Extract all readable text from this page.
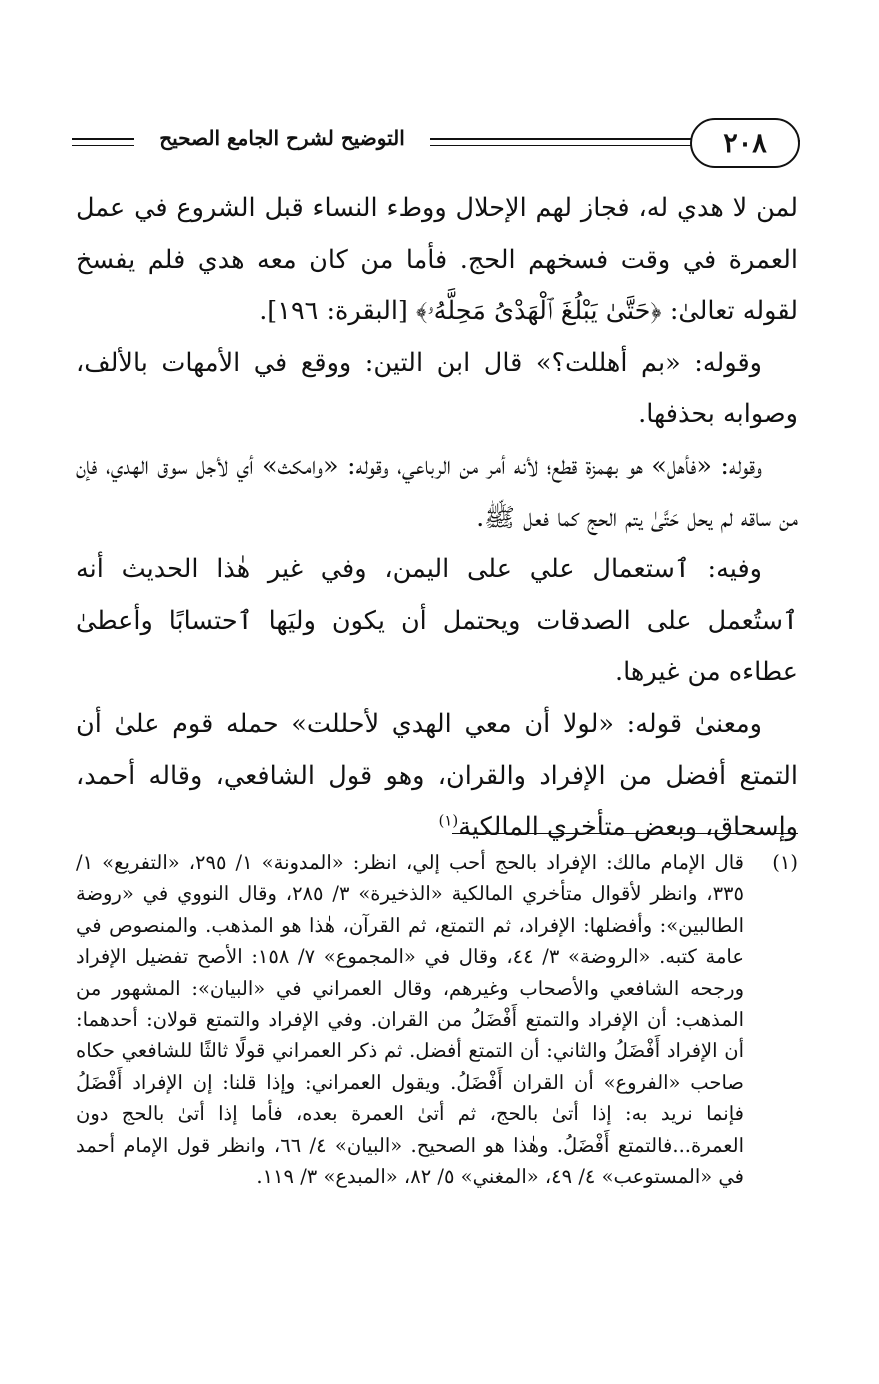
التوضيح لشرح الجامع الصحيح	٢٠٨

لمن لا هدي له، فجاز لهم الإحلال ووطء النساء قبل الشروع في عمل العمرة في وقت فسخهم الحج. فأما من كان معه هدي فلم يفسخ لقوله تعالىٰ: ﴿حَتَّىٰ يَبْلُغَ ٱلْهَدْىُ مَحِلَّهُۥ﴾ [البقرة: ١٩٦].

وقوله: «بم أهللت؟» قال ابن التين: ووقع في الأمهات بالألف، وصوابه بحذفها.

وقوله: «فأهل» هو بهمزة قطع؛ لأنه أمر من الرباعي، وقوله: «وامكث» أي لأجل سوق الهدي، فإن من ساقه لم يحل حَتَّىٰ يتم الحج كما فعل ﷺ.

وفيه: ٱستعمال علي على اليمن، وفي غير هٰذا الحديث أنه ٱستُعمل على الصدقات ويحتمل أن يكون وليَها ٱحتسابًا وأعطىٰ عطاءه من غيرها.

ومعنىٰ قوله: «لولا أن معي الهدي لأحللت» حمله قوم علىٰ أن التمتع أفضل من الإفراد والقران، وهو قول الشافعي، وقاله أحمد، وإسحاق، وبعض متأخري المالكية$^{(١)}$

(١)
قال الإمام مالك: الإفراد بالحج أحب إلي، انظر: «المدونة» ١/ ٢٩٥، «التفريع» ١/ ٣٣٥، وانظر لأقوال متأخري المالكية «الذخيرة» ٣/ ٢٨٥، وقال النووي في «روضة الطالبين»: وأفضلها: الإفراد، ثم التمتع، ثم القرآن، هٰذا هو المذهب. والمنصوص في عامة كتبه. «الروضة» ٣/ ٤٤، وقال في «المجموع» ٧/ ١٥٨: الأصح تفضيل الإفراد ورجحه الشافعي والأصحاب وغيرهم، وقال العمراني في «البيان»: المشهور من المذهب: أن الإفراد والتمتع أَفْضَلُ من القران. وفي الإفراد والتمتع قولان: أحدهما: أن الإفراد أَفْضَلُ والثاني: أن التمتع أفضل. ثم ذكر العمراني قولًا ثالثًا للشافعي حكاه صاحب «الفروع» أن القران أَفْضَلُ. ويقول العمراني: وإذا قلنا: إن الإفراد أَفْضَلُ فإنما نريد به: إذا أتىٰ بالحج، ثم أتىٰ العمرة بعده، فأما إذا أتىٰ بالحج دون العمرة...فالتمتع أَفْضَلُ. وهٰذا هو الصحيح. «البيان» ٤/ ٦٦، وانظر قول الإمام أحمد في «المستوعب» ٤/ ٤٩، «المغني» ٥/ ٨٢، «المبدع» ٣/ ١١٩.
